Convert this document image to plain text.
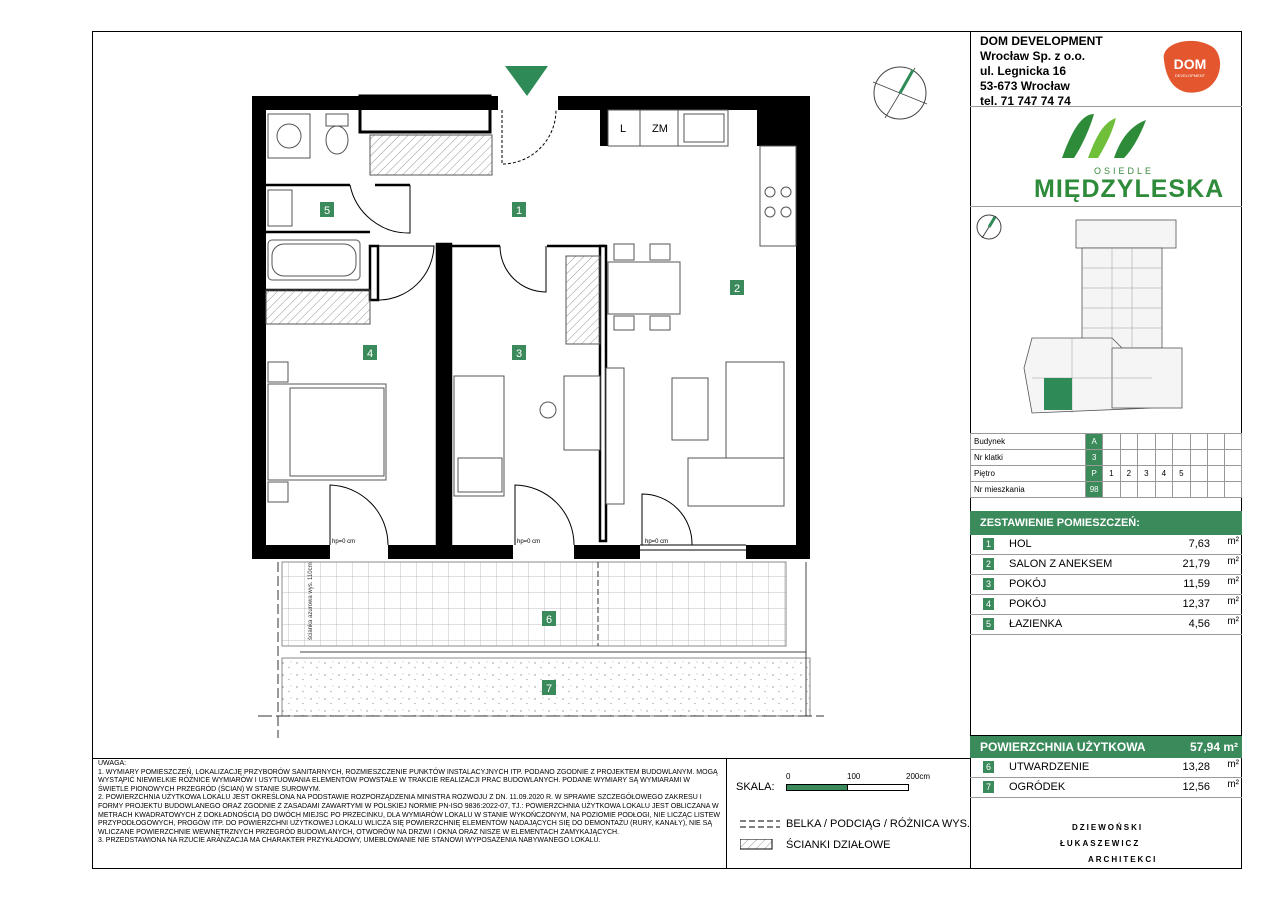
L ZM
ścianka azurowa wys. 110cm
hp=0 cm	hp=0 cm	hp=0 cm
1
2
3
4
5
6
7
DOM DEVELOPMENT
Wrocław Sp. z o.o.
ul. Legnicka 16
53-673 Wrocław
tel. 71 747 74 74
DOM
DEVELOPMENT
OSIEDLE
MIĘDZYLESKA
Budynek	A								
Nr klatki	3								
Piętro	P	1	2	3	4	5			
Nr mieszkania	98								
ZESTAWIENIE POMIESZCZEŃ:
1 HOL	7,63 m²
2 SALON Z ANEKSEM	21,79 m²
3 POKÓJ	11,59 m²
4 POKÓJ	12,37 m²
5 ŁAZIENKA	4,56 m²
POWIERZCHNIA UŻYTKOWA	57,94 m²
6 UTWARDZENIE	13,28 m²
7 OGRÓDEK	12,56 m²

UWAGA:

1. WYMIARY POMIESZCZEŃ, LOKALIZACJĘ PRZYBORÓW SANITARNYCH, ROZMIESZCZENIE PUNKTÓW INSTALACYJNYCH ITP. PODANO ZGODNIE Z PROJEKTEM BUDOWLANYM. MOGĄ WYSTĄPIĆ NIEWIELKIE RÓŻNICE WYMIARÓW I USYTUOWANIA ELEMENTÓW POWSTAŁE W TRAKCIE REALIZACJI PRAC BUDOWLANYCH. PODANE WYMIARY SĄ WYMIARAMI W ŚWIETLE PIONOWYCH PRZEGRÓD (ŚCIAN) W STANIE SUROWYM.

2. POWIERZCHNIA UŻYTKOWA LOKALU JEST OKREŚLONA NA PODSTAWIE ROZPORZĄDZENIA MINISTRA ROZWOJU Z DN. 11.09.2020 R. W SPRAWIE SZCZEGÓŁOWEGO ZAKRESU I FORMY PROJEKTU BUDOWLANEGO ORAZ ZGODNIE Z ZASADAMI ZAWARTYMI W POLSKIEJ NORMIE PN-ISO 9836:2022-07, TJ.: POWIERZCHNIA UŻYTKOWA LOKALU JEST OBLICZANA W METRACH KWADRATOWYCH Z DOKŁADNOŚCIĄ DO DWÓCH MIEJSC PO PRZECINKU, DLA WYMIARÓW LOKALU W STANIE WYKOŃCZONYM, NA POZIOMIE PODŁOGI, NIE LICZĄC LISTEW PRZYPODŁOGOWYCH, PROGÓW ITP. DO POWIERZCHNI UŻYTKOWEJ LOKALU WLICZA SIĘ POWIERZCHNIĘ ELEMENTÓW NADAJĄCYCH SIĘ DO DEMONTAŻU (RURY, KANAŁY), NIE SĄ WLICZANE POWIERZCHNIE WEWNĘTRZNYCH PRZEGRÓD BUDOWLANYCH, OTWORÓW NA DRZWI I OKNA ORAZ NISZE W ELEMENTACH ZAMYKAJĄCYCH.

3. PRZEDSTAWIONA NA RZUCIE ARANŻACJA MA CHARAKTER PRZYKŁADOWY, UMEBLOWANIE NIE STANOWI WYPOSAŻENIA NABYWANEGO LOKALU.

SKALA:
0	100	200cm
BELKA / PODCIĄG / RÓŻNICA WYS.
ŚCIANKI DZIAŁOWE
DZIEWOŃSKI
ŁUKASZEWICZ
ARCHITEKCI
